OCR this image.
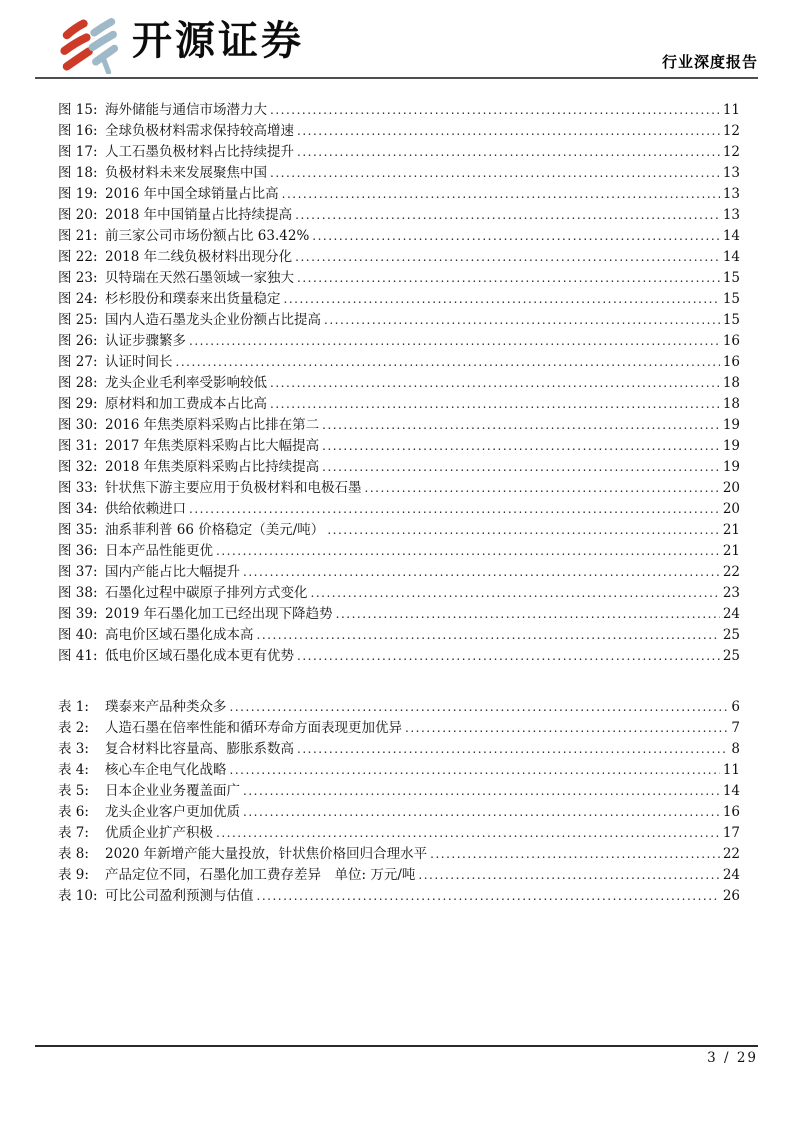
开源证券	行业深度报告
图 15: 海外储能与通信市场潜力大 .....	11
图 16: 全球负极材料需求保持较高增速 .....	12
图 17: 人工石墨负极材料占比持续提升 .....	12
图 18: 负极材料未来发展聚焦中国 .....	13
图 19: 2016 年中国全球销量占比高 .....	13
图 20: 2018 年中国销量占比持续提高 .....	13
图 21: 前三家公司市场份额占比 63.42% .....	14
图 22: 2018 年二线负极材料出现分化 .....	14
图 23: 贝特瑞在天然石墨领域一家独大 .....	15
图 24: 杉杉股份和璞泰来出货量稳定 .....	15
图 25: 国内人造石墨龙头企业份额占比提高 .....	15
图 26: 认证步骤繁多 .....	16
图 27: 认证时间长 .....	16
图 28: 龙头企业毛利率受影响较低 .....	18
图 29: 原材料和加工费成本占比高 .....	18
图 30: 2016 年焦类原料采购占比排在第二 .....	19
图 31: 2017 年焦类原料采购占比大幅提高 .....	19
图 32: 2018 年焦类原料采购占比持续提高 .....	19
图 33: 针状焦下游主要应用于负极材料和电极石墨 .....	20
图 34: 供给依赖进口 .....	20
图 35: 油系菲利普 66 价格稳定（美元/吨） .....	21
图 36: 日本产品性能更优 .....	21
图 37: 国内产能占比大幅提升 .....	22
图 38: 石墨化过程中碳原子排列方式变化 .....	23
图 39: 2019 年石墨化加工已经出现下降趋势 .....	24
图 40: 高电价区域石墨化成本高 .....	25
图 41: 低电价区域石墨化成本更有优势 .....	25
表 1:	璞泰来产品种类众多 .....	6
表 2:	人造石墨在倍率性能和循环寿命方面表现更加优异 .....	7
表 3:	复合材料比容量高、膨胀系数高 .....	8
表 4:	核心车企电气化战略 .....	11
表 5:	日本企业业务覆盖面广 .....	14
表 6:	龙头企业客户更加优质 .....	16
表 7:	优质企业扩产积极 .....	17
表 8:	2020 年新增产能大量投放，针状焦价格回归合理水平 .....	22
表 9:	产品定位不同，石墨化加工费存差异　单位: 万元/吨 .....	24
表 10: 可比公司盈利预测与估值 .....	26
3 / 29
